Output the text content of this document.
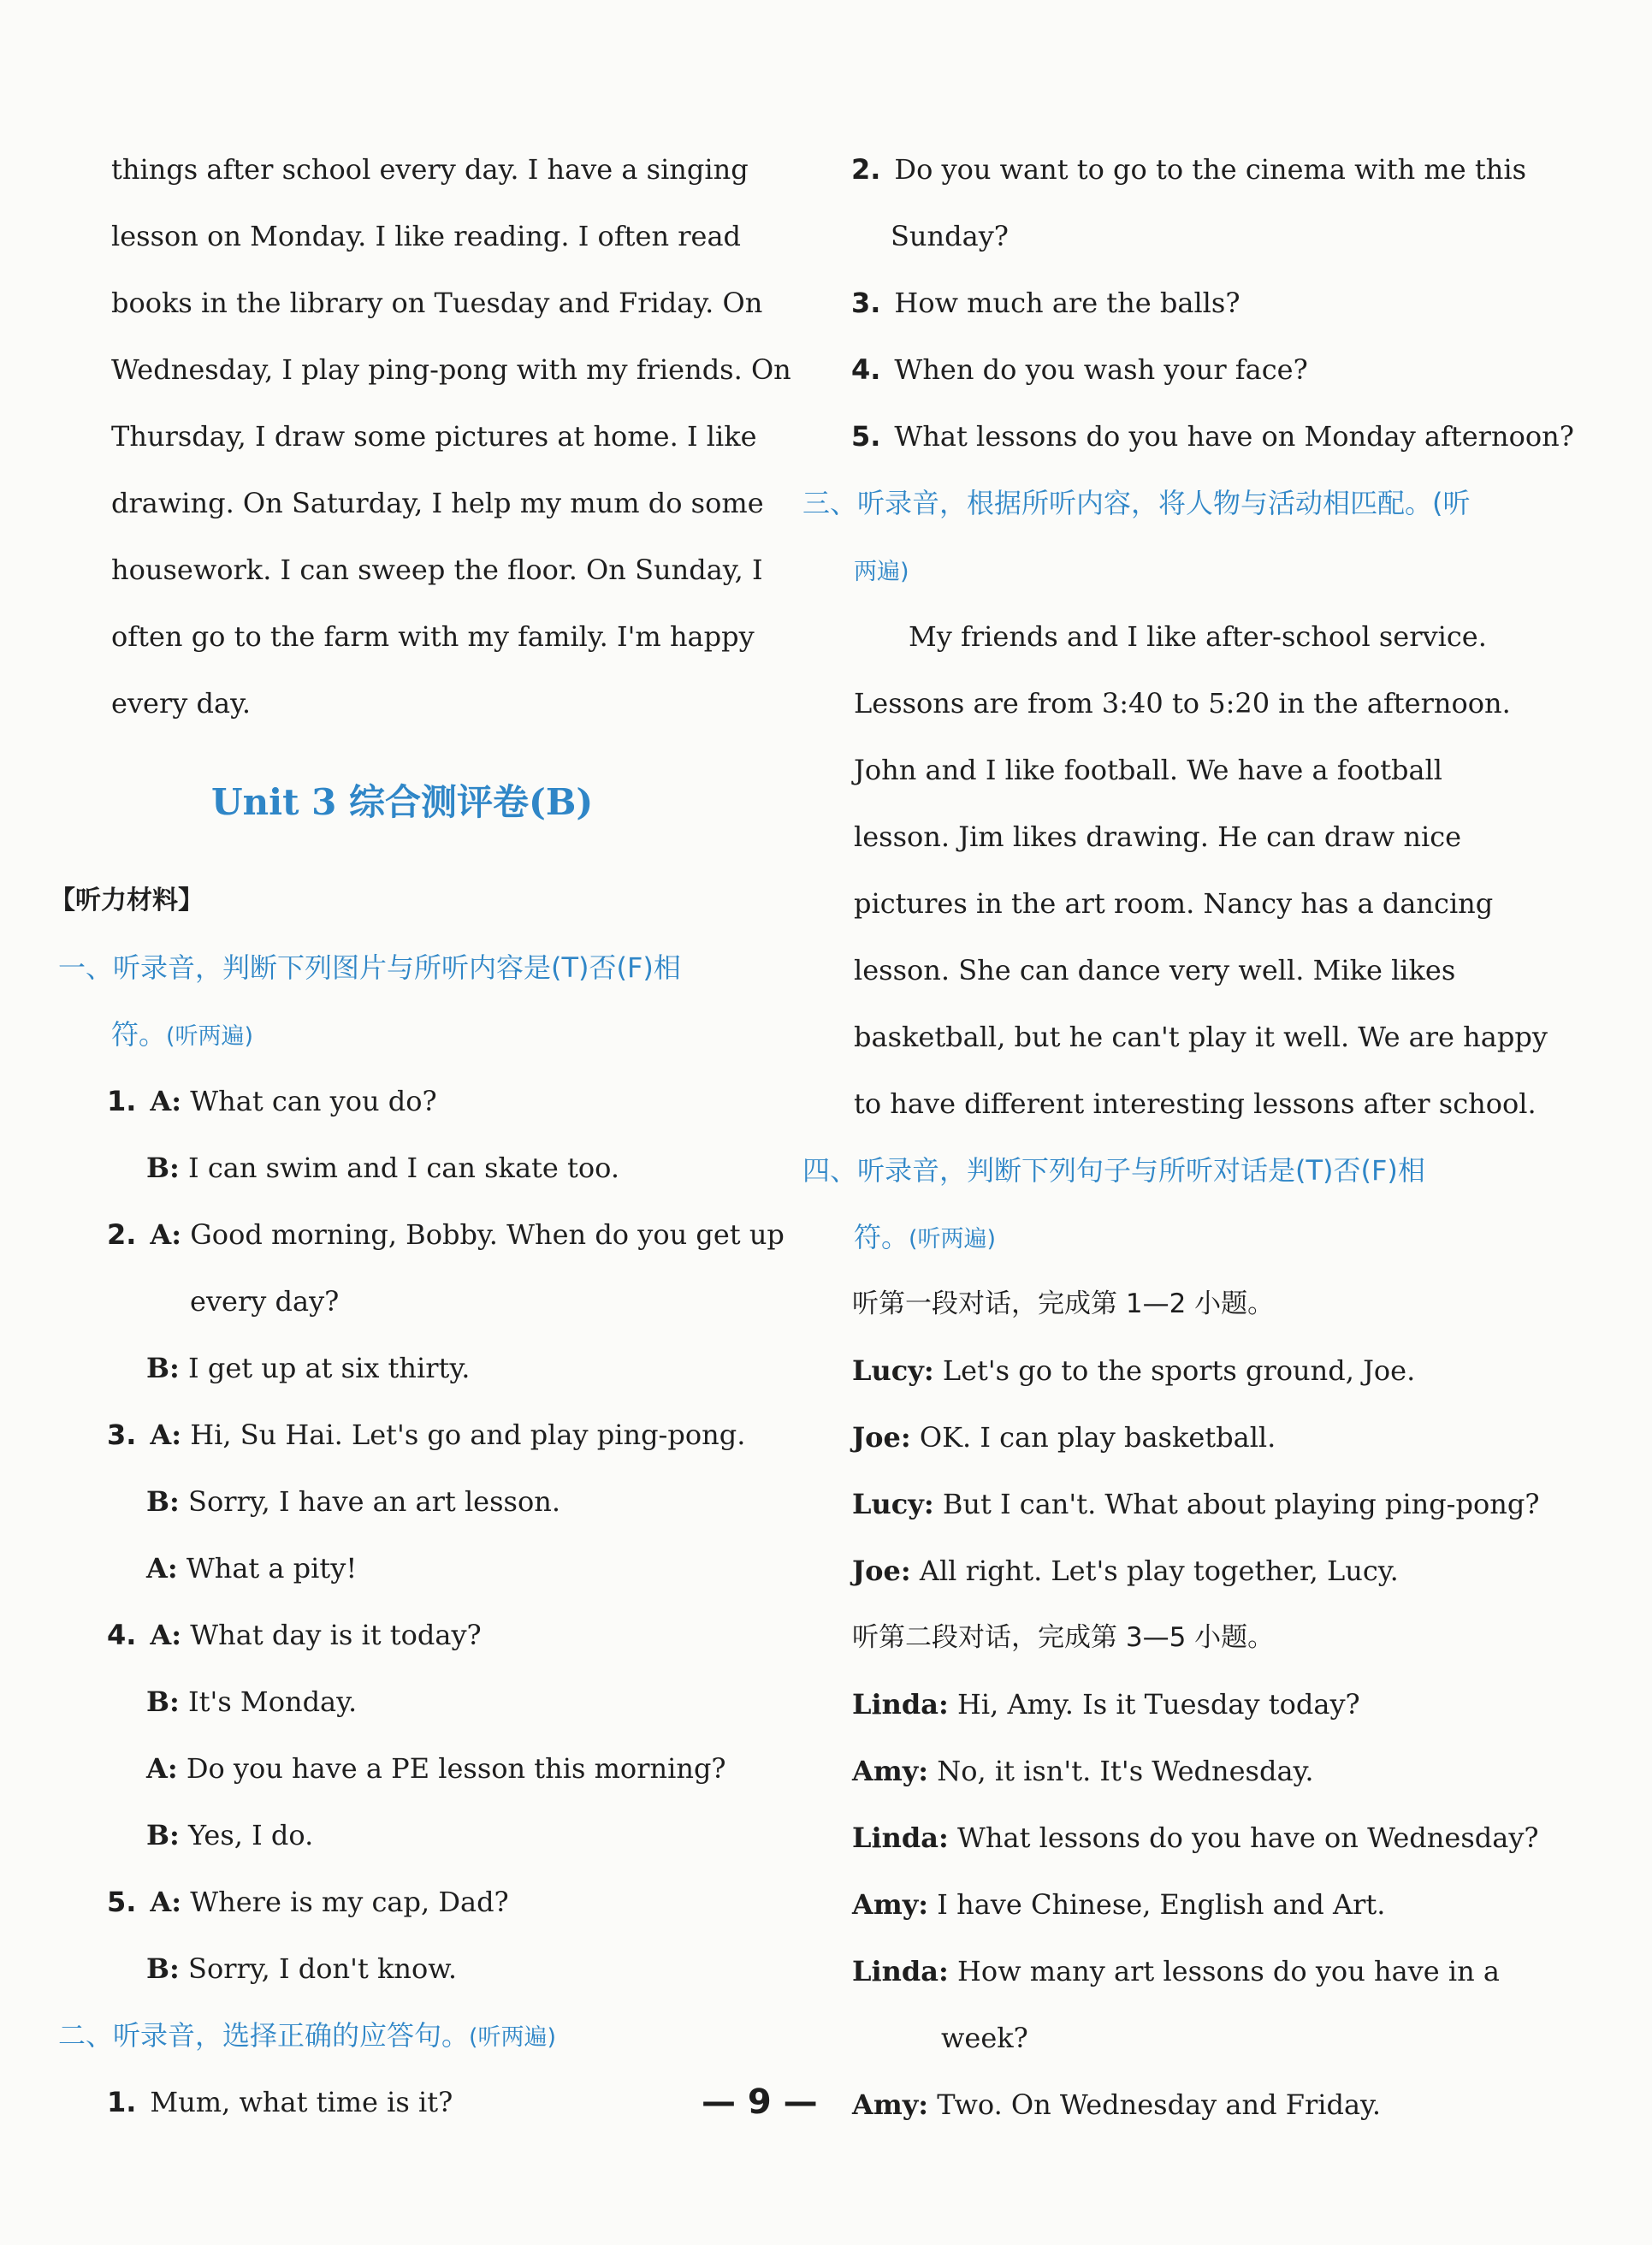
things after school every day. I have a singing
lesson on Monday. I like reading. I often read
books in the library on Tuesday and Friday. On
Wednesday, I play ping-pong with my friends. On
Thursday, I draw some pictures at home. I like
drawing. On Saturday, I help my mum do some
housework. I can sweep the floor. On Sunday, I
often go to the farm with my family. I'm happy
every day.
Unit 3 综合测评卷(B)
【听力材料】
一、听录音，判断下列图片与所听内容是(T)否(F)相
符。(听两遍)
1. A: What can you do?
B: I can swim and I can skate too.
2. A: Good morning, Bobby. When do you get up
every day?
B: I get up at six thirty.
3. A: Hi, Su Hai. Let's go and play ping-pong.
B: Sorry, I have an art lesson.
A: What a pity!
4. A: What day is it today?
B: It's Monday.
A: Do you have a PE lesson this morning?
B: Yes, I do.
5. A: Where is my cap, Dad?
B: Sorry, I don't know.
二、听录音，选择正确的应答句。(听两遍)
1. Mum, what time is it?
2. Do you want to go to the cinema with me this
Sunday?
3. How much are the balls?
4. When do you wash your face?
5. What lessons do you have on Monday afternoon?
三、听录音，根据所听内容，将人物与活动相匹配。(听
两遍)
My friends and I like after-school service.
Lessons are from 3:40 to 5:20 in the afternoon.
John and I like football. We have a football
lesson. Jim likes drawing. He can draw nice
pictures in the art room. Nancy has a dancing
lesson. She can dance very well. Mike likes
basketball, but he can't play it well. We are happy
to have different interesting lessons after school.
四、听录音，判断下列句子与所听对话是(T)否(F)相
符。(听两遍)
听第一段对话，完成第 1—2 小题。
Lucy: Let's go to the sports ground, Joe.
Joe: OK. I can play basketball.
Lucy: But I can't. What about playing ping-pong?
Joe: All right. Let's play together, Lucy.
听第二段对话，完成第 3—5 小题。
Linda: Hi, Amy. Is it Tuesday today?
Amy: No, it isn't. It's Wednesday.
Linda: What lessons do you have on Wednesday?
Amy: I have Chinese, English and Art.
Linda: How many art lessons do you have in a
week?
Amy: Two. On Wednesday and Friday.
— 9 —
